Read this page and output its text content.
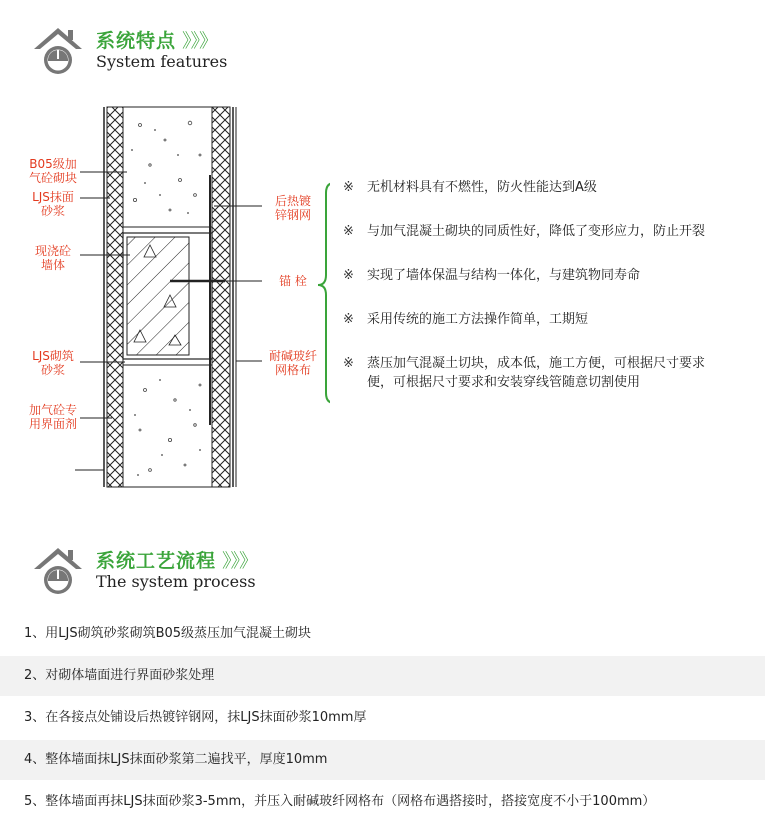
系统特点 》》》
System features
B05级加
气砼砌块
LJS抹面
砂浆
现浇砼
墙体
LJS砌筑
砂浆
加气砼专
用界面剂
后热镀
锌钢网
锚 栓
耐碱玻纤
网格布
※ 无机材料具有不燃性，防火性能达到A级
※ 与加气混凝土砌块的同质性好，降低了变形应力，防止开裂
※ 实现了墙体保温与结构一体化，与建筑物同寿命
※ 采用传统的施工方法操作简单，工期短
※ 蒸压加气混凝土切块，成本低，施工方便，可根据尺寸要求
便，可根据尺寸要求和安装穿线管随意切割使用
系统工艺流程 》》》
The system process
1、用LJS砌筑砂浆砌筑B05级蒸压加气混凝土砌块
2、对砌体墙面进行界面砂浆处理
3、在各接点处铺设后热镀锌钢网，抹LJS抹面砂浆10mm厚
4、整体墙面抹LJS抹面砂浆第二遍找平，厚度10mm
5、整体墙面再抹LJS抹面砂浆3-5mm，并压入耐碱玻纤网格布（网格布遇搭接时，搭接宽度不小于100mm）
